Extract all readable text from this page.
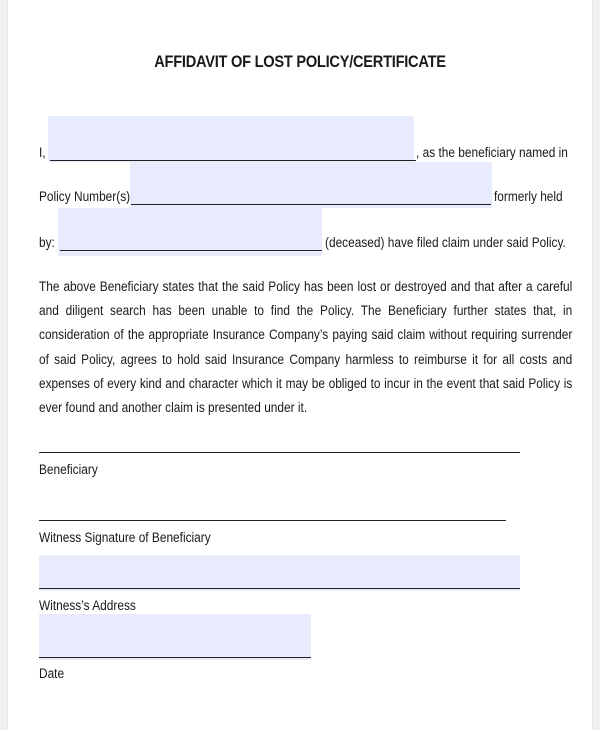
AFFIDAVIT OF LOST POLICY/CERTIFICATE
I,	, as the beneficiary named in
Policy Number(s)	formerly held
by:	(deceased) have filed claim under said Policy.
The above Beneficiary states that the said Policy has been lost or destroyed and that after a careful and diligent search has been unable to find the Policy. The Beneficiary further states that, in consideration of the appropriate Insurance Company’s paying said claim without requiring surrender of said Policy, agrees to hold said Insurance Company harmless to reimburse it for all costs and expenses of every kind and character which it may be obliged to incur in the event that said Policy is ever found and another claim is presented under it.
Beneficiary
Witness Signature of Beneficiary
Witness’s Address
Date
